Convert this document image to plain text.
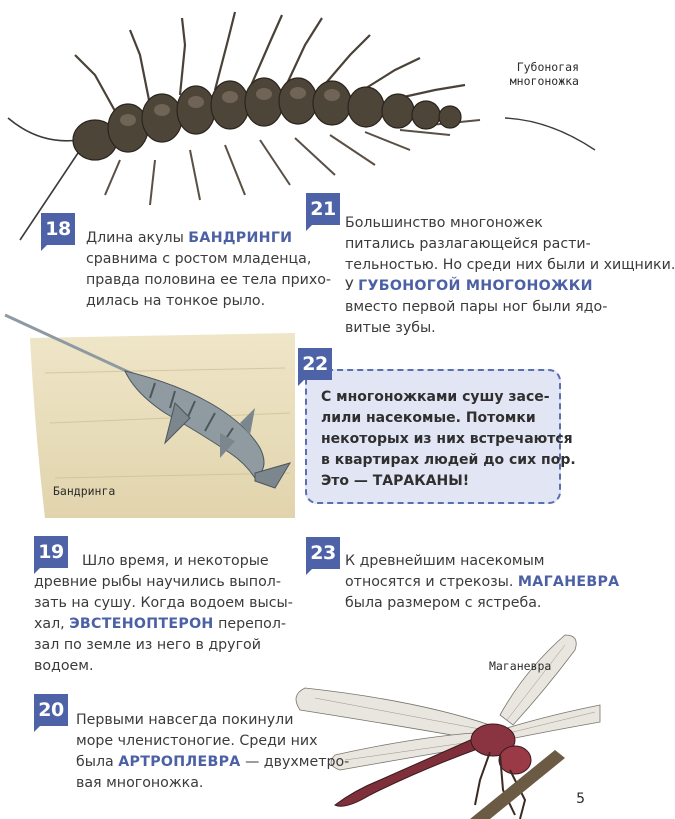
Губоногая
многоножка
18	Длина акулы БАНДРИНГИ
сравнима с ростом младенца,
правда половина ее тела прихо-
дилась на тонкое рыло.
21
Большинство многоножек
питались разлагающейся расти-
тельностью. Но среди них были и хищники.
У ГУБОНОГОЙ МНОГОНОЖКИ
вместо первой пары ног были ядо-
витые зубы.
Бандринга
22
С многоножками сушу засе-
лили насекомые. Потомки
некоторых из них встречаются
в квартирах людей до сих пор.
Это — ТАРАКАНЫ!
19	Шло время, и некоторые
древние рыбы научились выпол-
зать на сушу. Когда водоем высы-
хал, ЭВСТЕНОПТЕРОН перепол-
зал по земле из него в другой
водоем.
23 К древнейшим насекомым
относятся и стрекозы. МАГАНЕВРА
была размером с ястреба.
Маганевра
20 Первыми навсегда покинули
море членистоногие. Среди них
была АРТРОПЛЕВРА — двухметро-
вая многоножка.
5
